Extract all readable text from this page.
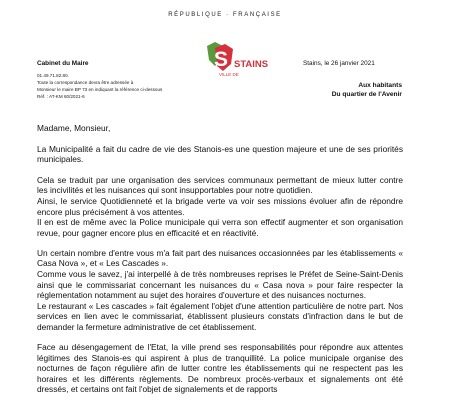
RÉPUBLIQUE · FRANÇAISE
Cabinet du Maire
01.49.71.82.80.
Toute la correspondance devra être adressée à
Monsieur le maire BP 73 en indiquant la référence ci-dessous
Réf. : AT-KM 60/2021-6
S STAINS
VILLE DE
Stains, le 26 janvier 2021
Aux habitants
Du quartier de l'Avenir

Madame, Monsieur,

La Municipalité a fait du cadre de vie des Stanois-es une question majeure et une de ses priorités municipales.

Cela se traduit par une organisation des services communaux permettant de mieux lutter contre les incivilités et les nuisances qui sont insupportables pour notre quotidien.
Ainsi, le service Quotidienneté et la brigade verte va voir ses missions évoluer afin de répondre encore plus précisément à vos attentes.
Il en est de même avec la Police municipale qui verra son effectif augmenter et son organisation revue, pour gagner encore plus en efficacité et en réactivité.

Un certain nombre d'entre vous m'a fait part des nuisances occasionnées par les établissements « Casa Nova », et « Les Cascades ».
Comme vous le savez, j'ai interpellé à de très nombreuses reprises le Préfet de Seine-Saint-Denis ainsi que le commissariat concernant les nuisances du « Casa nova » pour faire respecter la réglementation notamment au sujet des horaires d'ouverture et des nuisances nocturnes.
Le restaurant « Les cascades » fait également l'objet d'une attention particulière de notre part. Nos services en lien avec le commissariat, établissent plusieurs constats d'infraction dans le but de demander la fermeture administrative de cet établissement.

Face au désengagement de l'Etat, la ville prend ses responsabilités pour répondre aux attentes légitimes des Stanois-es qui aspirent à plus de tranquillité. La police municipale organise des nocturnes de façon régulière afin de lutter contre les établissements qui ne respectent pas les horaires et les différents règlements. De nombreux procès-verbaux et signalements ont été dressés, et certains ont fait l'objet de signalements et de rapports
